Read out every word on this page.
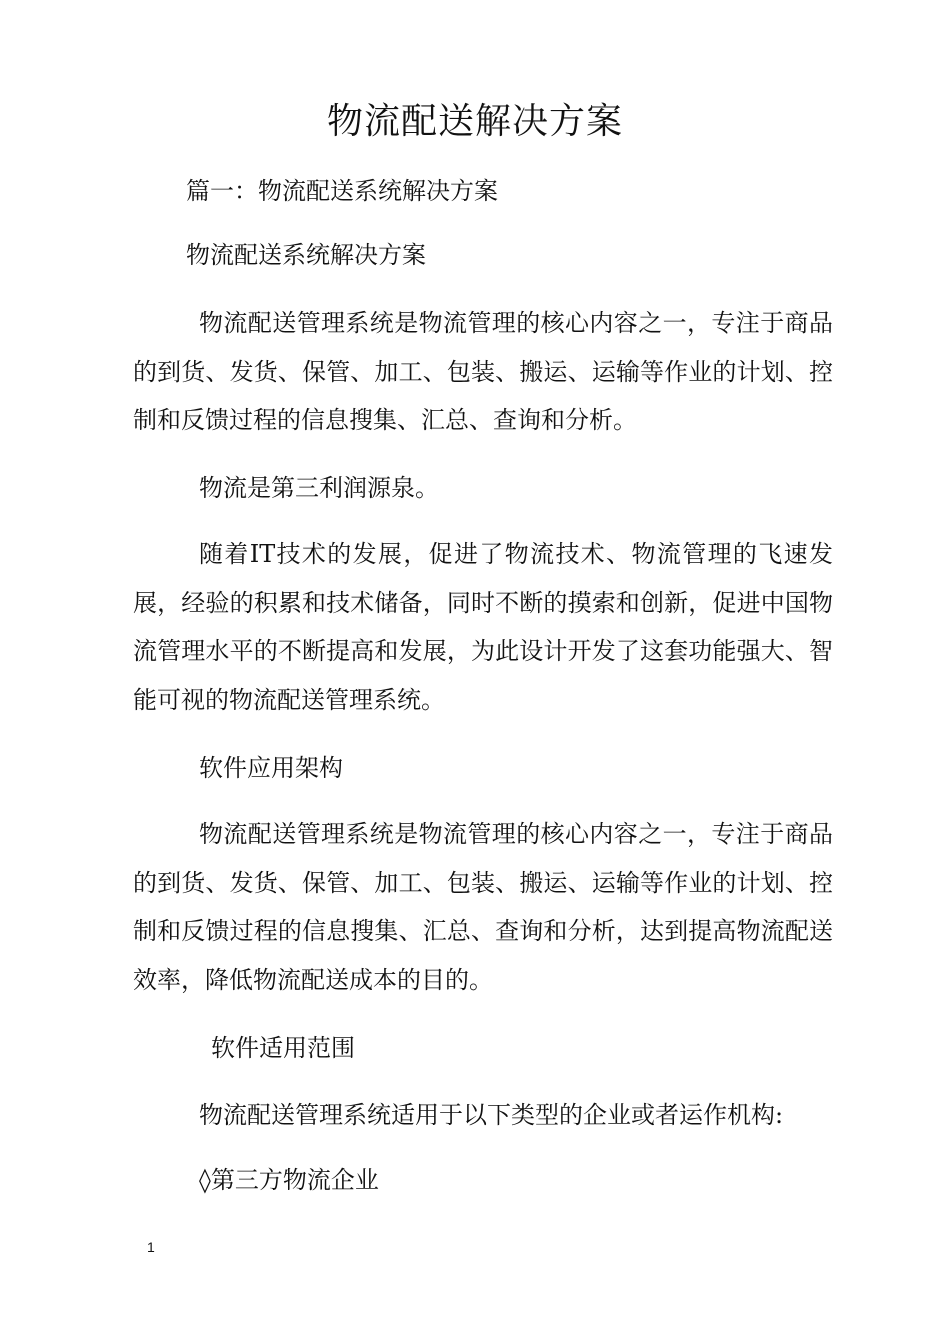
物流配送解决方案
篇一：物流配送系统解决方案
物流配送系统解决方案
物流配送管理系统是物流管理的核心内容之一，专注于商品的到货、发货、保管、加工、包装、搬运、运输等作业的计划、控制和反馈过程的信息搜集、汇总、查询和分析。
物流是第三利润源泉。
随着IT技术的发展，促进了物流技术、物流管理的飞速发展，经验的积累和技术储备，同时不断的摸索和创新，促进中国物流管理水平的不断提高和发展，为此设计开发了这套功能强大、智能可视的物流配送管理系统。
软件应用架构
物流配送管理系统是物流管理的核心内容之一，专注于商品的到货、发货、保管、加工、包装、搬运、运输等作业的计划、控制和反馈过程的信息搜集、汇总、查询和分析，达到提高物流配送效率，降低物流配送成本的目的。
软件适用范围
物流配送管理系统适用于以下类型的企业或者运作机构:
◊第三方物流企业
1
